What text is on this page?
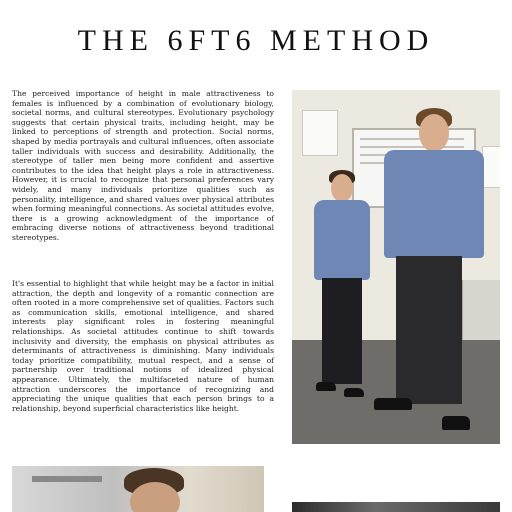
THE 6FT6 METHOD

The perceived importance of height in male attractiveness to females is influenced by a combination of evolutionary biology, societal norms, and cultural stereotypes. Evolutionary psychology suggests that certain physical traits, including height, may be linked to perceptions of strength and protection. Social norms, shaped by media portrayals and cultural influences, often associate taller individuals with success and desirability. Additionally, the stereotype of taller men being more confident and assertive contributes to the idea that height plays a role in attractiveness. However, it is crucial to recognize that personal preferences vary widely, and many individuals prioritize qualities such as personality, intelligence, and shared values over physical attributes when forming meaningful connections. As societal attitudes evolve, there is a growing acknowledgment of the importance of embracing diverse notions of attractiveness beyond traditional stereotypes.

It's essential to highlight that while height may be a factor in initial attraction, the depth and longevity of a romantic connection are often rooted in a more comprehensive set of qualities. Factors such as communication skills, emotional intelligence, and shared interests play significant roles in fostering meaningful relationships. As societal attitudes continue to shift towards inclusivity and diversity, the emphasis on physical attributes as determinants of attractiveness is diminishing. Many individuals today prioritize compatibility, mutual respect, and a sense of partnership over traditional notions of idealized physical appearance. Ultimately, the multifaceted nature of human attraction underscores the importance of recognizing and appreciating the unique qualities that each person brings to a relationship, beyond superficial characteristics like height.
